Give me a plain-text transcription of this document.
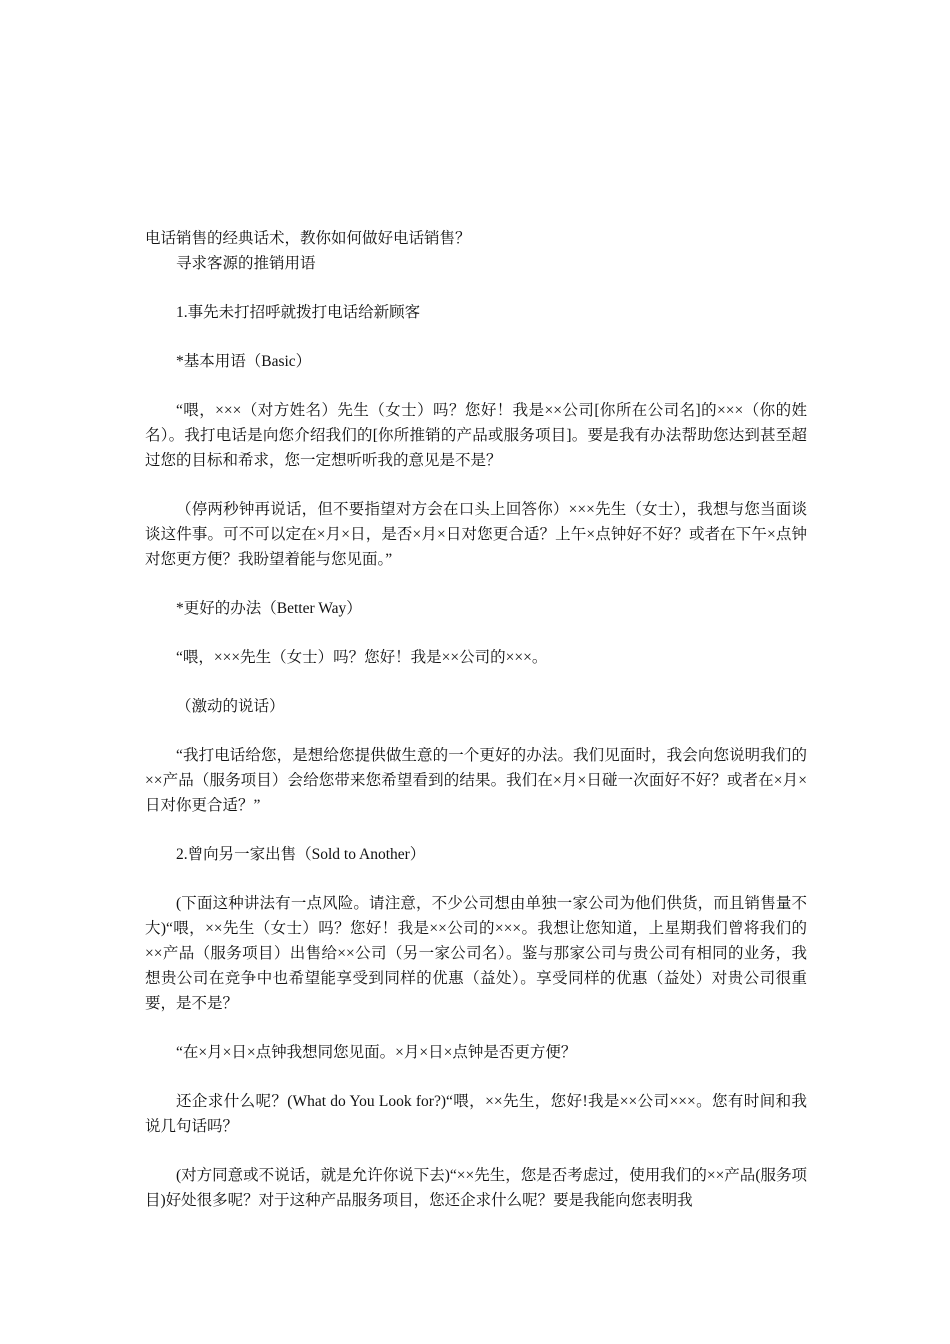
电话销售的经典话术，教你如何做好电话销售？

寻求客源的推销用语

1.事先未打招呼就拨打电话给新顾客

*基本用语（Basic）

“喂，×××（对方姓名）先生（女士）吗？您好！我是××公司[你所在公司名]的×××（你的姓名）。我打电话是向您介绍我们的[你所推销的产品或服务项目]。要是我有办法帮助您达到甚至超过您的目标和希求，您一定想听听我的意见是不是？

（停两秒钟再说话，但不要指望对方会在口头上回答你）×××先生（女士），我想与您当面谈谈这件事。可不可以定在×月×日，是否×月×日对您更合适？上午×点钟好不好？或者在下午×点钟对您更方便？我盼望着能与您见面。”

*更好的办法（Better Way）

“喂，×××先生（女士）吗？您好！我是××公司的×××。

（激动的说话）

“我打电话给您，是想给您提供做生意的一个更好的办法。我们见面时，我会向您说明我们的××产品（服务项目）会给您带来您希望看到的结果。我们在×月×日碰一次面好不好？或者在×月×日对你更合适？”

2.曾向另一家出售（Sold to Another）

(下面这种讲法有一点风险。请注意，不少公司想由单独一家公司为他们供货，而且销售量不大)“喂，××先生（女士）吗？您好！我是××公司的×××。我想让您知道，上星期我们曾将我们的××产品（服务项目）出售给××公司（另一家公司名）。鉴与那家公司与贵公司有相同的业务，我想贵公司在竞争中也希望能享受到同样的优惠（益处）。享受同样的优惠（益处）对贵公司很重要，是不是？

“在×月×日×点钟我想同您见面。×月×日×点钟是否更方便？

还企求什么呢？(What do You Look for?)“喂，××先生，您好!我是××公司×××。您有时间和我说几句话吗？

(对方同意或不说话，就是允许你说下去)“××先生，您是否考虑过，使用我们的××产品(服务项目)好处很多呢？对于这种产品服务项目，您还企求什么呢？要是我能向您表明我
